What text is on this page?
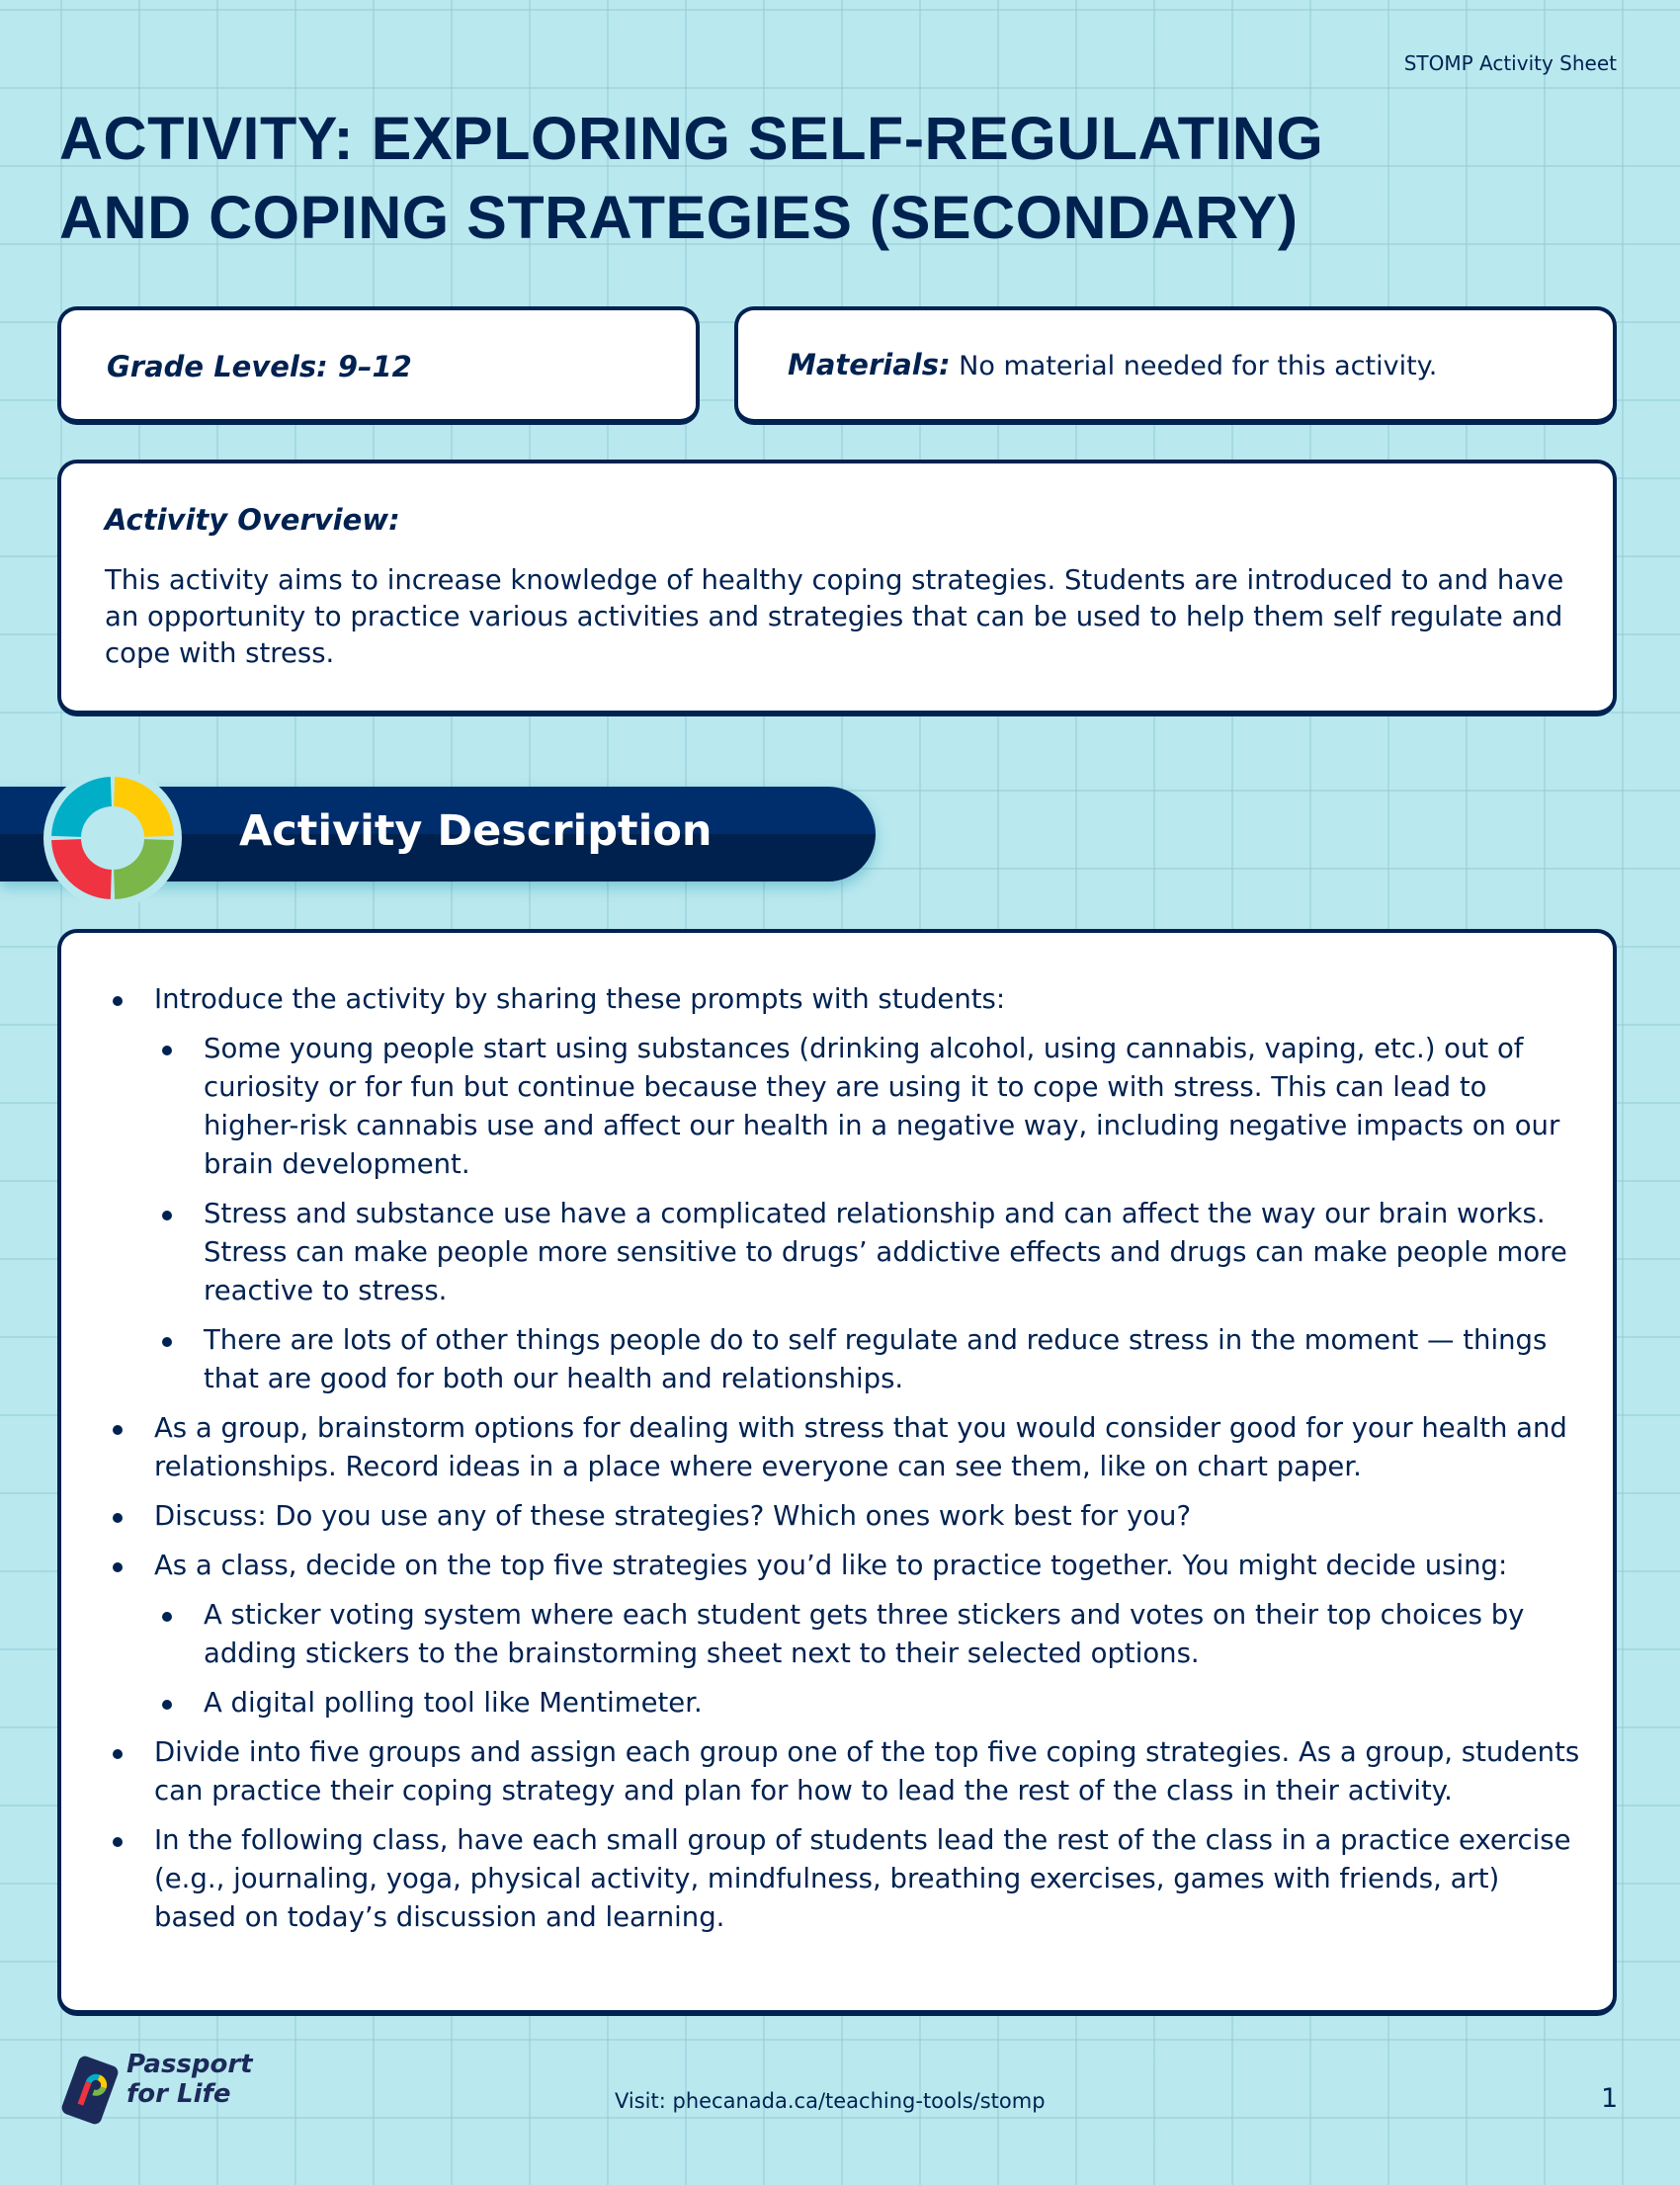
STOMP Activity Sheet
ACTIVITY: EXPLORING SELF-REGULATING
AND COPING STRATEGIES (SECONDARY)
Grade Levels: 9–12	Materials: No material needed for this activity.
Activity Overview:
This activity aims to increase knowledge of healthy coping strategies. Students are introduced to and have an opportunity to practice various activities and strategies that can be used to help them self regulate and cope with stress.
Activity Description
Introduce the activity by sharing these prompts with students:
Some young people start using substances (drinking alcohol, using cannabis, vaping, etc.) out of curiosity or for fun but continue because they are using it to cope with stress. This can lead to higher-risk cannabis use and affect our health in a negative way, including negative impacts on our brain development.
Stress and substance use have a complicated relationship and can affect the way our brain works. Stress can make people more sensitive to drugs’ addictive effects and drugs can make people more reactive to stress.
There are lots of other things people do to self regulate and reduce stress in the moment — things that are good for both our health and relationships.
As a group, brainstorm options for dealing with stress that you would consider good for your health and relationships. Record ideas in a place where everyone can see them, like on chart paper.
Discuss: Do you use any of these strategies? Which ones work best for you?
As a class, decide on the top five strategies you’d like to practice together. You might decide using:
A sticker voting system where each student gets three stickers and votes on their top choices by adding stickers to the brainstorming sheet next to their selected options.
A digital polling tool like Mentimeter.
Divide into five groups and assign each group one of the top five coping strategies. As a group, students can practice their coping strategy and plan for how to lead the rest of the class in their activity.
In the following class, have each small group of students lead the rest of the class in a practice exercise (e.g., journaling, yoga, physical activity, mindfulness, breathing exercises, games with friends, art) based on today’s discussion and learning.
Passport
for Life	Visit: phecanada.ca/teaching-tools/stomp	1
